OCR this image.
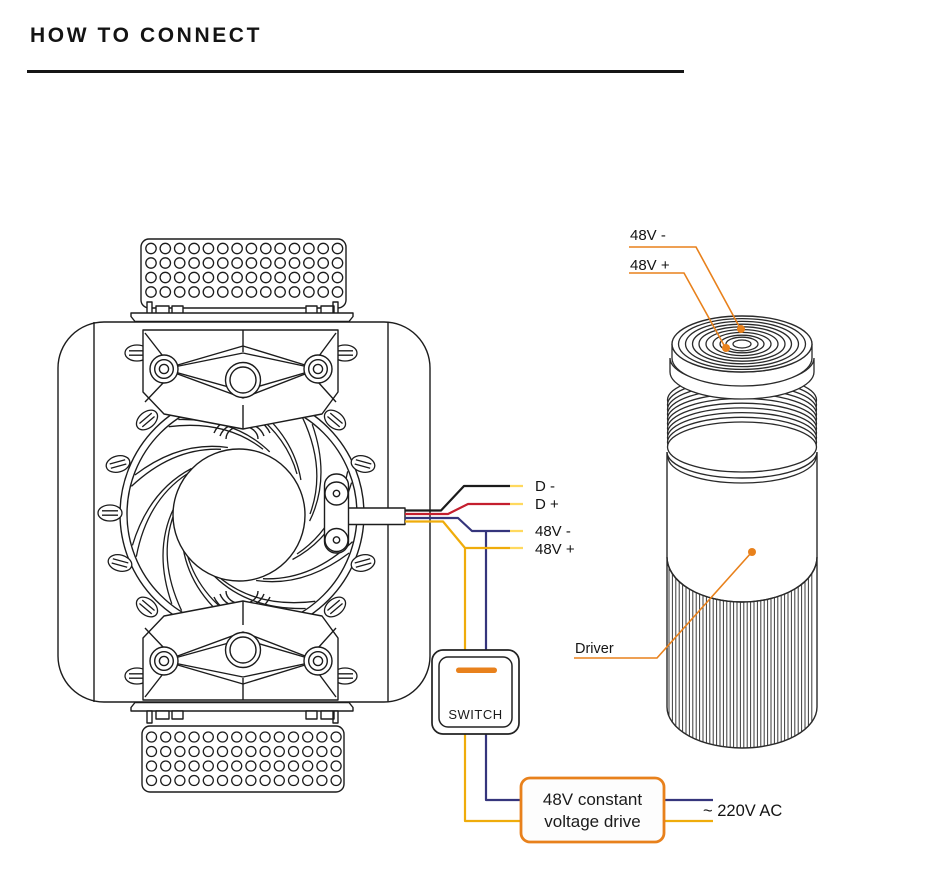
HOW TO CONNECT
D -
D +
48V -
48V +
SWITCH
48V constant
voltage drive
~ 220V AC
48V -
48V +
Driver
